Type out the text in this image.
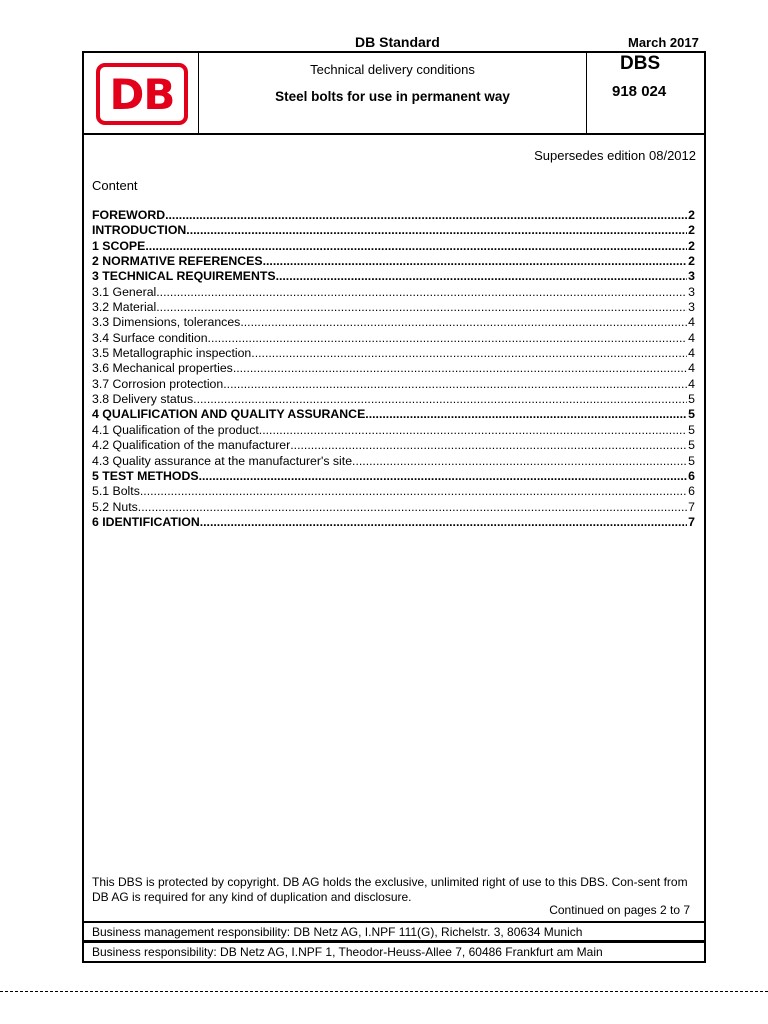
DB Standard	March 2017
DB	Technical delivery conditions
Steel bolts for use in permanent way
DBS
918 024
Supersedes edition 08/2012
Content
FOREWORD .....	2
INTRODUCTION .....	2
1 SCOPE .....	2
2 NORMATIVE REFERENCES .....	2
3 TECHNICAL REQUIREMENTS .....	3
3.1 General .....	3
3.2 Material .....	3
3.3 Dimensions, tolerances .....	4
3.4 Surface condition .....	4
3.5 Metallographic inspection .....	4
3.6 Mechanical properties .....	4
3.7 Corrosion protection .....	4
3.8 Delivery status .....	5
4 QUALIFICATION AND QUALITY ASSURANCE .....	5
4.1 Qualification of the product .....	5
4.2 Qualification of the manufacturer .....	5
4.3 Quality assurance at the manufacturer's site .....	5
5 TEST METHODS .....	6
5.1 Bolts .....	6
5.2 Nuts .....	7
6 IDENTIFICATION .....	7
This DBS is protected by copyright. DB AG holds the exclusive, unlimited right of use to this DBS. Con-sent from DB AG is required for any kind of duplication and disclosure.
Continued on pages 2 to 7
Business management responsibility: DB Netz AG, I.NPF 111(G), Richelstr. 3, 80634 Munich
Business responsibility: DB Netz AG, I.NPF 1, Theodor-Heuss-Allee 7, 60486 Frankfurt am Main
